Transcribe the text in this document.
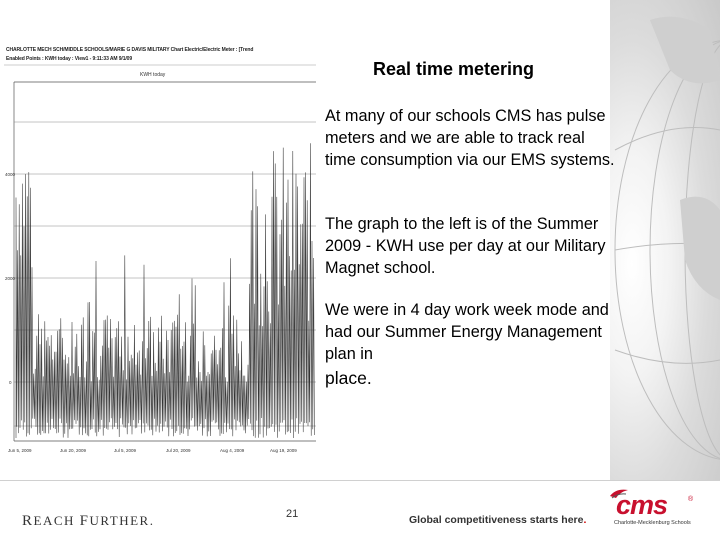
CHARLOTTE MECH SCH/MIDDLE SCHOOLS/MARIE G DAVIS MILITARY Chart Electric/Electric Meter : [Trend
Enabled Points : KWH today : View1 - 9:11:33 AM 9/1/09
KWH today
4000
2000
0
Jun 5, 2009	Jun 20, 2009	Jul 5, 2009	Jul 20, 2009	Aug 4, 2009	Aug 19, 2009
Real time metering
At many of our schools CMS has pulse meters and we are able to track real time consumption via our EMS systems.
The graph to the left is of the Summer 2009 - KWH use per day at our Military Magnet school.
We were in 4 day work week mode and had our Summer Energy Management plan in
place.
REACH FURTHER.	21	Global competitiveness starts here. cms	®
Charlotte-Mecklenburg Schools
